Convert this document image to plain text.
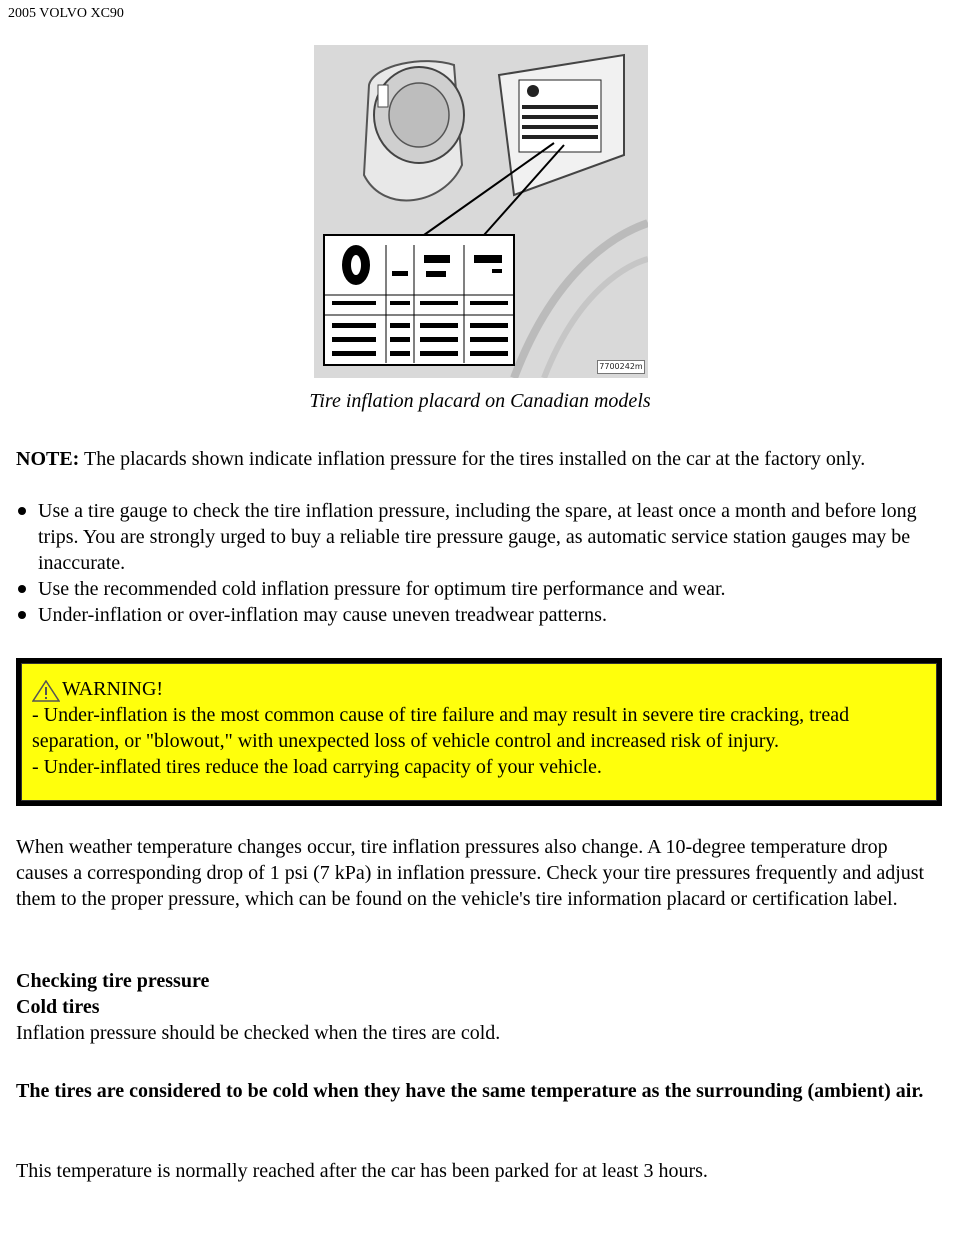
2005 VOLVO XC90
7700242m
Tire inflation placard on Canadian models
NOTE: The placards shown indicate inflation pressure for the tires installed on the car at the factory only.
Use a tire gauge to check the tire inflation pressure, including the spare, at least once a month and before long trips. You are strongly urged to buy a reliable tire pressure gauge, as automatic service station gauges may be inaccurate.
Use the recommended cold inflation pressure for optimum tire performance and wear.
Under-inflation or over-inflation may cause uneven treadwear patterns.
WARNING!
- Under-inflation is the most common cause of tire failure and may result in severe tire cracking, tread separation, or "blowout," with unexpected loss of vehicle control and increased risk of injury.
- Under-inflated tires reduce the load carrying capacity of your vehicle.
When weather temperature changes occur, tire inflation pressures also change. A 10-degree temperature drop causes a corresponding drop of 1 psi (7 kPa) in inflation pressure. Check your tire pressures frequently and adjust them to the proper pressure, which can be found on the vehicle's tire information placard or certification label.
Checking tire pressure
Cold tires
Inflation pressure should be checked when the tires are cold.
The tires are considered to be cold when they have the same temperature as the surrounding (ambient) air.
This temperature is normally reached after the car has been parked for at least 3 hours.
